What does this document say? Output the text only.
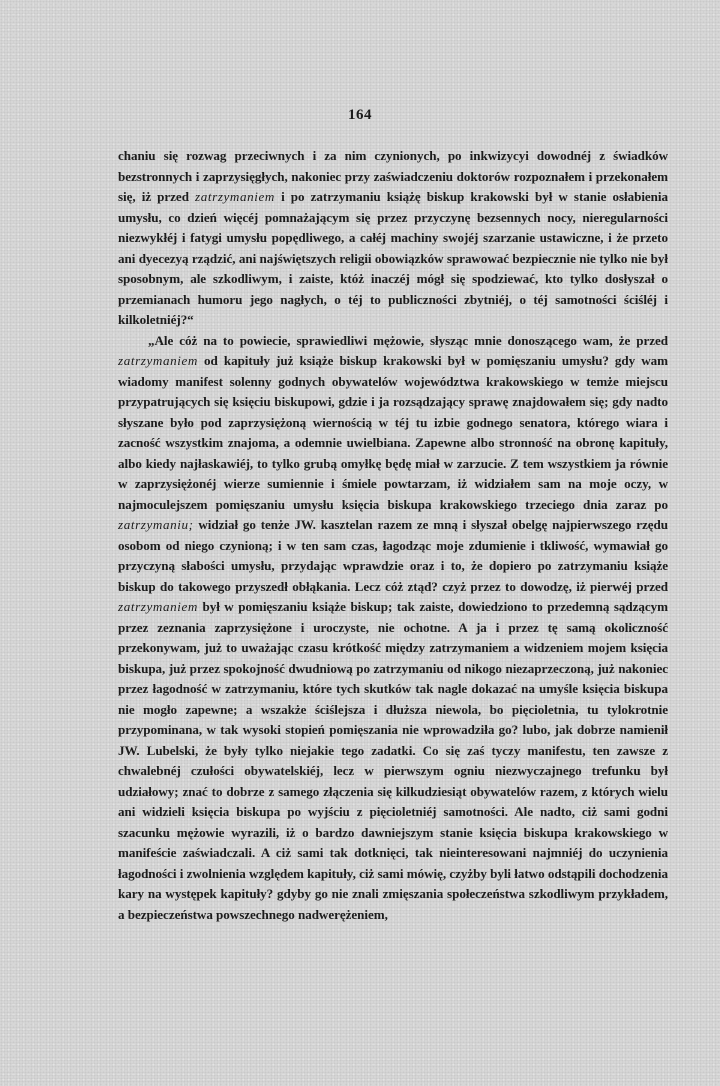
164

chaniu się rozwag przeciwnych i za nim czynionych, po inkwizycyi dowodnéj z świadków bezstronnych i zaprzysięgłych, nakoniec przy zaświadczeniu doktorów rozpoznałem i przekonałem się, iż przed zatrzymaniem i po zatrzymaniu książę biskup krakowski był w stanie osłabienia umysłu, co dzień więcéj pomnażającym się przez przyczynę bezsennych nocy, nieregularności niezwykłéj i fatygi umysłu popędliwego, a całéj machiny swojéj szarzanie ustawiczne, i że przeto ani dyecezyą rządzić, ani najświętszych religii obowiązków sprawować bezpiecznie nie tylko nie był sposobnym, ale szkodliwym, i zaiste, któż inaczéj mógł się spodziewać, kto tylko dosłyszał o przemianach humoru jego nagłych, o téj to publiczności zbytniéj, o téj samotności ściśléj i kilkoletniéj?“

„Ale cóż na to powiecie, sprawiedliwi mężowie, słysząc mnie donoszącego wam, że przed zatrzymaniem od kapituły już książe biskup krakowski był w pomięszaniu umysłu? gdy wam wiadomy manifest solenny godnych obywatelów województwa krakowskiego w temże miejscu przypatrujących się księciu biskupowi, gdzie i ja rozsądzający sprawę znajdowałem się; gdy nadto słyszane było pod zaprzysiężoną wiernością w téj tu izbie godnego senatora, którego wiara i zacność wszystkim znajoma, a odemnie uwielbiana. Zapewne albo stronność na obronę kapituły, albo kiedy najłaskawiéj, to tylko grubą omyłkę będę miał w zarzucie. Z tem wszystkiem ja równie w zaprzysiężonéj wierze sumiennie i śmiele powtarzam, iż widziałem sam na moje oczy, w najmoculejszem pomięszaniu umysłu księcia biskupa krakowskiego trzeciego dnia zaraz po zatrzymaniu; widział go tenże JW. kasztelan razem ze mną i słyszał obelgę najpierwszego rzędu osobom od niego czynioną; i w ten sam czas, łagodząc moje zdumienie i tkliwość, wymawiał go przyczyną słabości umysłu, przydając wprawdzie oraz i to, że dopiero po zatrzymaniu książe biskup do takowego przyszedł obłąkania. Lecz cóż ztąd? czyż przez to dowodzę, iż pierwéj przed zatrzymaniem był w pomięszaniu książe biskup; tak zaiste, dowiedziono to przedemną sądzącym przez zeznania zaprzysiężone i uroczyste, nie ochotne. A ja i przez tę samą okoliczność przekonywam, już to uważając czasu krótkość między zatrzymaniem a widzeniem mojem księcia biskupa, już przez spokojność dwudniową po zatrzymaniu od nikogo niezaprzeczoną, już nakoniec przez łagodność w zatrzymaniu, które tych skutków tak nagle dokazać na umyśle księcia biskupa nie mogło zapewne; a wszakże ściślejsza i dłuższa niewola, bo pięcioletnia, tu tylokrotnie przypominana, w tak wysoki stopień pomięszania nie wprowadziła go? lubo, jak dobrze namienił JW. Lubelski, że były tylko niejakie tego zadatki. Co się zaś tyczy manifestu, ten zawsze z chwalebnéj czułości obywatelskiéj, lecz w pierwszym ogniu niezwyczajnego trefunku był udziałowy; znać to dobrze z samego złączenia się kilkudziesiąt obywatelów razem, z których wielu ani widzieli księcia biskupa po wyjściu z pięcioletniéj samotności. Ale nadto, ciż sami godni szacunku mężowie wyrazili, iż o bardzo dawniejszym stanie księcia biskupa krakowskiego w manifeście zaświadczali. A ciż sami tak dotknięci, tak nieinteresowani najmniéj do uczynienia łagodności i zwolnienia względem kapituły, ciż sami mówię, czyżby byli łatwo odstąpili dochodzenia kary na występek kapituły? gdyby go nie znali zmięszania społeczeństwa szkodliwym przykładem, a bezpieczeństwa powszechnego nadwerężeniem,
